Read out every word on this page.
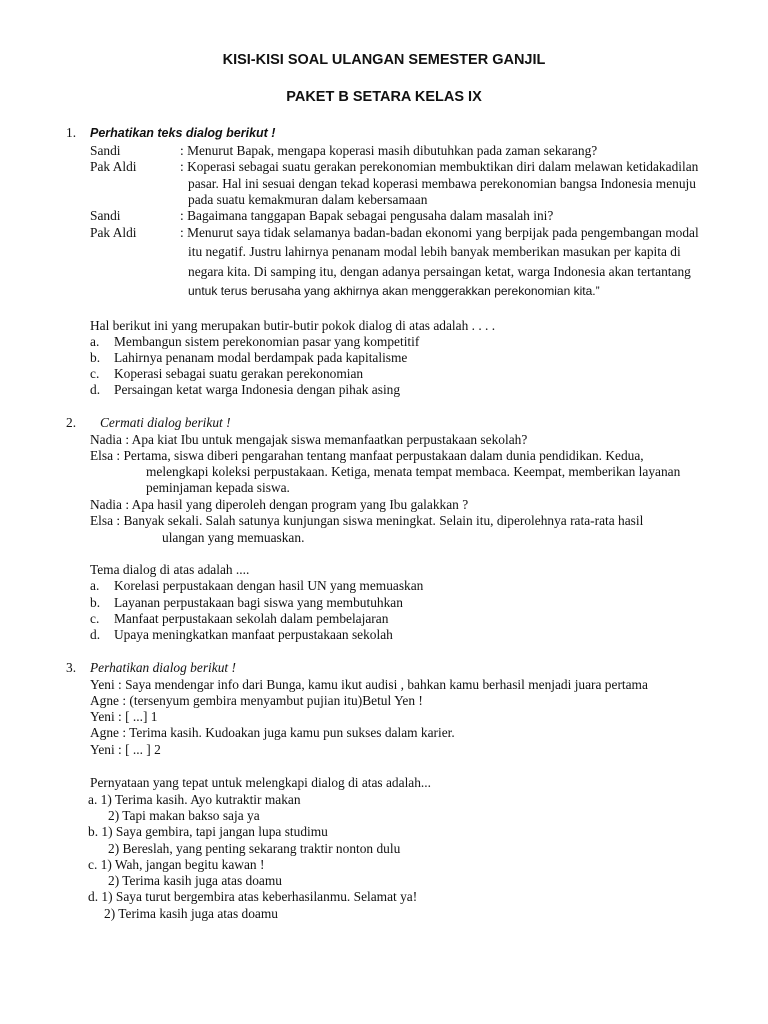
KISI-KISI SOAL ULANGAN SEMESTER GANJIL
PAKET B SETARA KELAS IX
1. Perhatikan teks dialog berikut !
Sandi	: Menurut Bapak, mengapa koperasi masih dibutuhkan pada zaman sekarang?
Pak Aldi	: Koperasi sebagai suatu gerakan perekonomian membuktikan diri dalam melawan ketidakadilan
pasar. Hal ini sesuai dengan tekad koperasi membawa perekonomian bangsa Indonesia menuju
pada suatu kemakmuran dalam kebersamaan
Sandi	: Bagaimana tanggapan Bapak sebagai pengusaha dalam masalah ini?
Pak Aldi	: Menurut saya tidak selamanya badan-badan ekonomi yang berpijak pada pengembangan modal
itu negatif. Justru lahirnya penanam modal lebih banyak memberikan masukan per kapita di
negara kita. Di samping itu, dengan adanya persaingan ketat, warga Indonesia akan tertantang
untuk terus berusaha yang akhirnya akan menggerakkan perekonomian kita.”
Hal berikut ini yang merupakan butir-butir pokok dialog di atas adalah . . . .
a. Membangun sistem perekonomian pasar yang kompetitif
b. Lahirnya penanam modal berdampak pada kapitalisme
c. Koperasi sebagai suatu gerakan perekonomian
d. Persaingan ketat warga Indonesia dengan pihak asing
2. Cermati dialog berikut !
Nadia : Apa kiat Ibu untuk mengajak siswa memanfaatkan perpustakaan sekolah?
Elsa : Pertama, siswa diberi pengarahan tentang manfaat perpustakaan dalam dunia pendidikan. Kedua,
melengkapi koleksi perpustakaan. Ketiga, menata tempat membaca. Keempat, memberikan layanan
peminjaman kepada siswa.
Nadia : Apa hasil yang diperoleh dengan program yang Ibu galakkan ?
Elsa : Banyak sekali. Salah satunya kunjungan siswa meningkat. Selain itu, diperolehnya rata-rata hasil
ulangan yang memuaskan.
Tema dialog di atas adalah ....
a. Korelasi perpustakaan dengan hasil UN yang memuaskan
b. Layanan perpustakaan bagi siswa yang membutuhkan
c. Manfaat perpustakaan sekolah dalam pembelajaran
d. Upaya meningkatkan manfaat perpustakaan sekolah
3. Perhatikan dialog berikut !
Yeni : Saya mendengar info dari Bunga, kamu ikut audisi , bahkan kamu berhasil menjadi juara pertama
Agne : (tersenyum gembira menyambut pujian itu)Betul Yen !
Yeni : [ ...] 1
Agne : Terima kasih. Kudoakan juga kamu pun sukses dalam karier.
Yeni : [ ... ] 2
Pernyataan yang tepat untuk melengkapi dialog di atas adalah...
a. 1) Terima kasih. Ayo kutraktir makan
2) Tapi makan bakso saja ya
b. 1) Saya gembira, tapi jangan lupa studimu
2) Bereslah, yang penting sekarang traktir nonton dulu
c. 1) Wah, jangan begitu kawan !
2) Terima kasih juga atas doamu
d. 1) Saya turut bergembira atas keberhasilanmu. Selamat ya!
2) Terima kasih juga atas doamu
